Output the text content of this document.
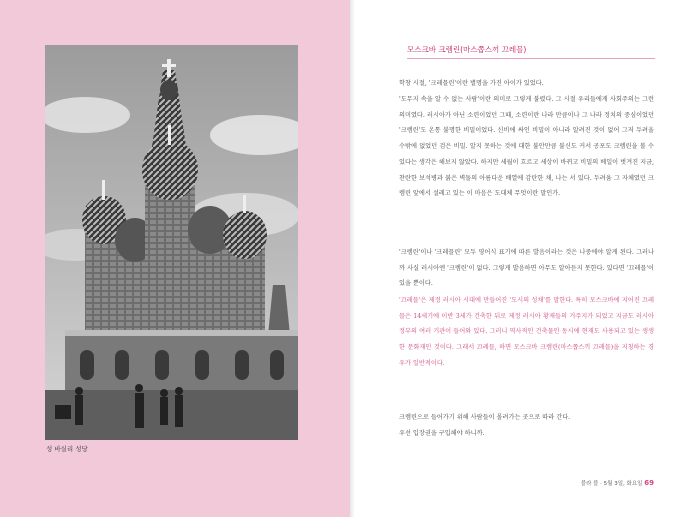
성 바실리 성당
모스크바 크렘린(마스쫍스끼 끄레믈)

학창 시절, '크레믈린'이란 별명을 가진 아이가 있었다.

'도무지 속을 알 수 없는 사람'이란 의미로 그렇게 불렸다. 그 시절 우리들에게 사회주의는 그런 의미였다. 러시아가 아닌 소련이었던 그때, 소련이란 나라 만큼이나 그 나라 정치의 중심이었던 '크렘린'도 온통 불명한 비밀이었다. 신비에 싸인 비밀이 아니라 알려진 것이 없어 그저 두려울 수밖에 없었던 검은 비밀. 알지 못하는 것에 대한 불안만큼 불신도 커서 공포도 크렘린을 볼 수 있다는 생각은 해보지 않았다. 하지만 세월이 흐르고 세상이 바뀌고 비밀의 베일이 벗겨진 지금, 찬란한 보석병과 붉은 벽돌의 아름다운 배열에 감탄한 채, 나는 서 있다. 두려움 그 자체였던 크렘린 앞에서 설레고 있는 이 마음은 도대체 무엇이란 말인가.

'크렘린'이나 '크레믈린' 모두 영어식 표기에 따른 발음이라는 것은 나중에야 알게 된다. 그러나까 사실 러시아엔 '크렘린'이 없다. 그렇게 발음하면 아무도 알아듣지 못한다. 있다면 '끄레믈'이 있을 뿐이다.

'끄레믈'은 제정 러시아 시대에 만들어진 '도시의 성채'를 말한다. 특히 모스크바에 지어진 끄레믈은 14세기에 이반 3세가 건축한 뒤로 제정 러시아 황제들의 거주지가 되었고 지금도 러시아 정부의 여러 기관이 들어와 있다. 그러니 역사적인 건축물인 동시에 현재도 사용되고 있는 생생한 문화재인 것이다. 그래서 끄레믈, 하면 모스크바 크렘린(마스쫍스끼 끄레믈)을 지칭하는 경우가 일반적이다.

크렘린으로 들어가기 위해 사람들이 몰려가는 곳으로 따라 간다.

우선 입장권을 구입해야 하니까.

블라 블 · 5월 3일, 화요일 69
